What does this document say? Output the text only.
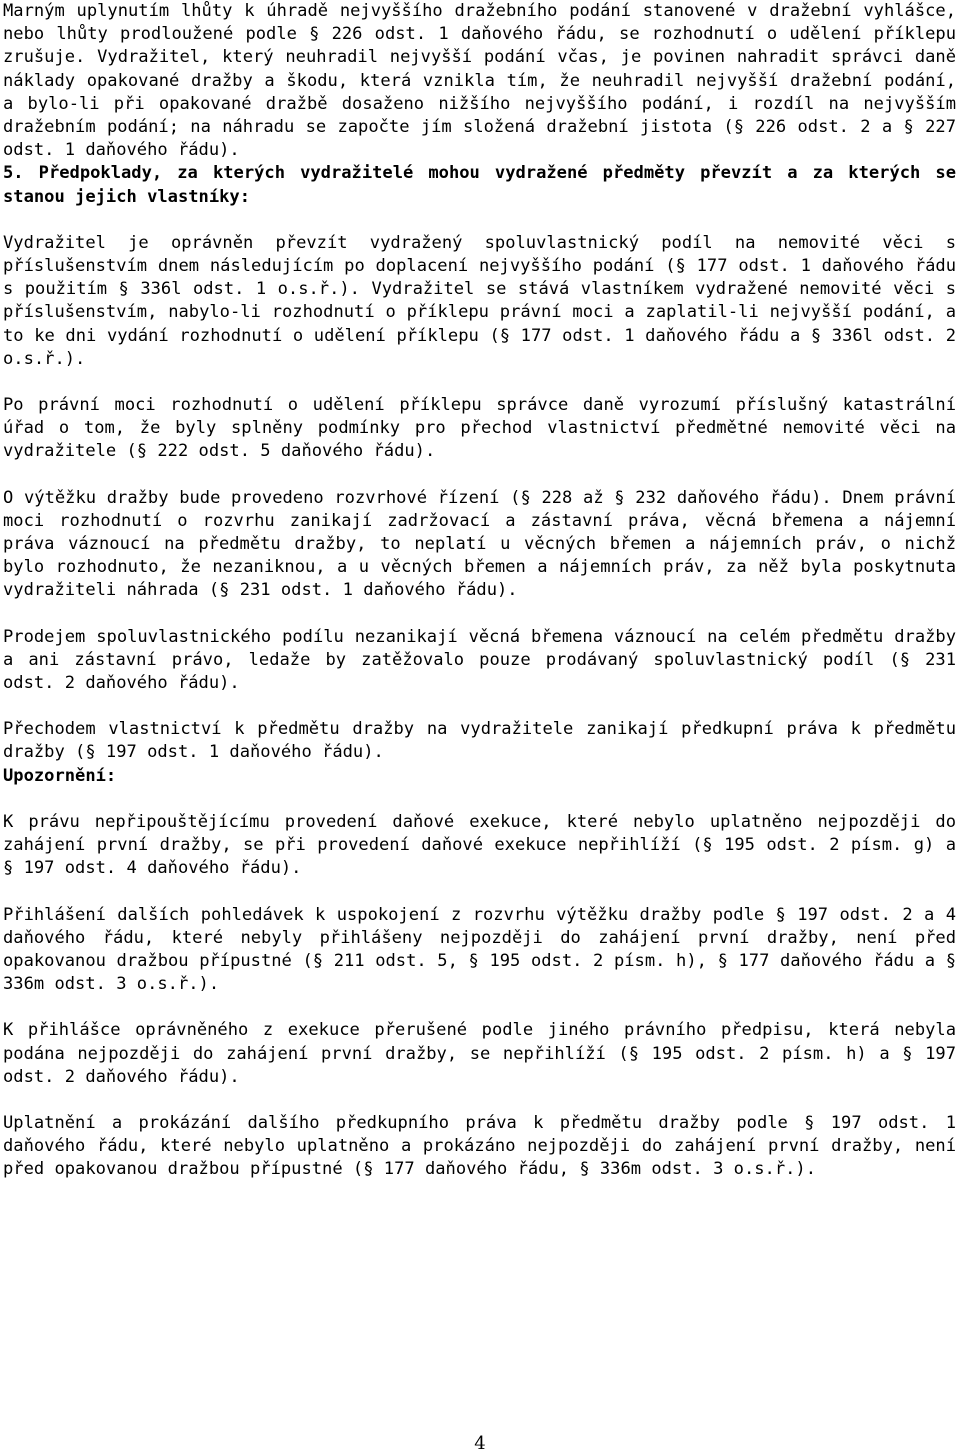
Marným uplynutím lhůty k úhradě nejvyššího dražebního podání stanovené v dražební vyhlášce, nebo lhůty prodloužené podle § 226 odst. 1 daňového řádu, se rozhodnutí o udělení příklepu zrušuje. Vydražitel, který neuhradil nejvyšší podání včas, je povinen nahradit správci daně náklady opakované dražby a škodu, která vznikla tím, že neuhradil nejvyšší dražební podání, a bylo-li při opakované dražbě dosaženo nižšího nejvyššího podání, i rozdíl na nejvyšším dražebním podání; na náhradu se započte jím složená dražební jistota (§ 226 odst. 2 a § 227 odst. 1 daňového řádu).

5. Předpoklady, za kterých vydražitelé mohou vydražené předměty převzít a za kterých se stanou jejich vlastníky:

Vydražitel je oprávněn převzít vydražený spoluvlastnický podíl na nemovité věci s příslušenstvím dnem následujícím po doplacení nejvyššího podání (§ 177 odst. 1 daňového řádu s použitím § 336l odst. 1 o.s.ř.). Vydražitel se stává vlastníkem vydražené nemovité věci s příslušenstvím, nabylo-li rozhodnutí o příklepu právní moci a zaplatil-li nejvyšší podání, a to ke dni vydání rozhodnutí o udělení příklepu (§ 177 odst. 1 daňového řádu a § 336l odst. 2 o.s.ř.).

Po právní moci rozhodnutí o udělení příklepu správce daně vyrozumí příslušný katastrální úřad o tom, že byly splněny podmínky pro přechod vlastnictví předmětné nemovité věci na vydražitele (§ 222 odst. 5 daňového řádu).

O výtěžku dražby bude provedeno rozvrhové řízení (§ 228 až § 232 daňového řádu). Dnem právní moci rozhodnutí o rozvrhu zanikají zadržovací a zástavní práva, věcná břemena a nájemní práva váznoucí na předmětu dražby, to neplatí u věcných břemen a nájemních práv, o nichž bylo rozhodnuto, že nezaniknou, a u věcných břemen a nájemních práv, za něž byla poskytnuta vydražiteli náhrada (§ 231 odst. 1 daňového řádu).

Prodejem spoluvlastnického podílu nezanikají věcná břemena váznoucí na celém předmětu dražby a ani zástavní právo, ledaže by zatěžovalo pouze prodávaný spoluvlastnický podíl (§ 231 odst. 2 daňového řádu).

Přechodem vlastnictví k předmětu dražby na vydražitele zanikají předkupní práva k předmětu dražby (§ 197 odst. 1 daňového řádu).

Upozornění:

K právu nepřipouštějícímu provedení daňové exekuce, které nebylo uplatněno nejpozději do zahájení první dražby, se při provedení daňové exekuce nepřihlíží (§ 195 odst. 2 písm. g) a § 197 odst. 4 daňového řádu).

Přihlášení dalších pohledávek k uspokojení z rozvrhu výtěžku dražby podle § 197 odst. 2 a 4 daňového řádu, které nebyly přihlášeny nejpozději do zahájení první dražby, není před opakovanou dražbou přípustné (§ 211 odst. 5, § 195 odst. 2 písm. h), § 177 daňového řádu a § 336m odst. 3 o.s.ř.).

K přihlášce oprávněného z exekuce přerušené podle jiného právního předpisu, která nebyla podána nejpozději do zahájení první dražby, se nepřihlíží (§ 195 odst. 2 písm. h) a § 197 odst. 2 daňového řádu).

Uplatnění a prokázání dalšího předkupního práva k předmětu dražby podle § 197 odst. 1 daňového řádu, které nebylo uplatněno a prokázáno nejpozději do zahájení první dražby, není před opakovanou dražbou přípustné (§ 177 daňového řádu, § 336m odst. 3 o.s.ř.).

4
